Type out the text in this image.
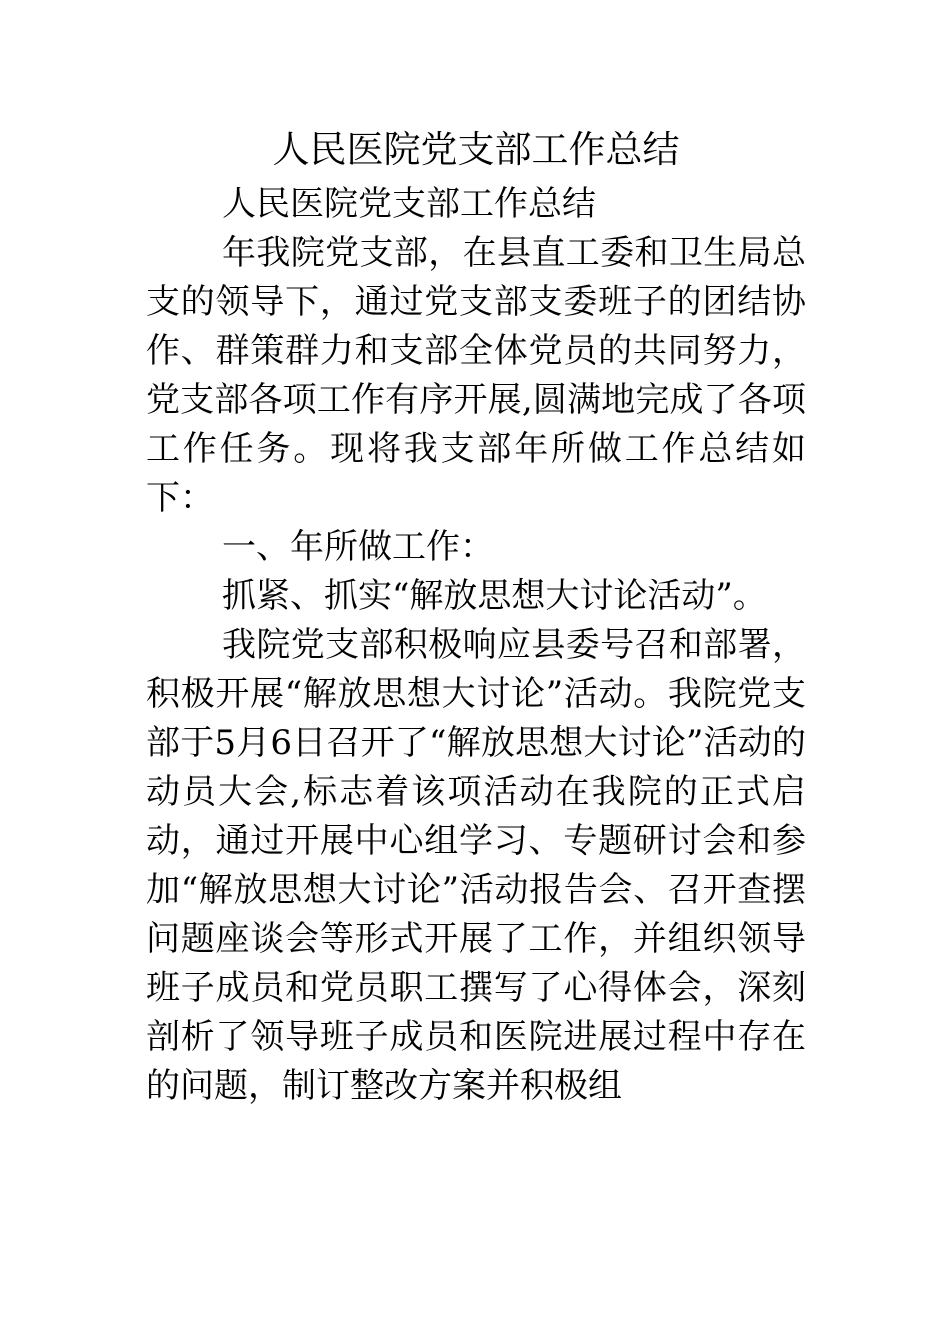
人民医院党支部工作总结

人民医院党支部工作总结

年我院党支部，在县直工委和卫生局总支的领导下，通过党支部支委班子的团结协作、群策群力和支部全体党员的共同努力，党支部各项工作有序开展,圆满地完成了各项工作任务。现将我支部年所做工作总结如下：

一、年所做工作：

抓紧、抓实“解放思想大讨论活动”。

我院党支部积极响应县委号召和部署，积极开展“解放思想大讨论”活动。我院党支部于5月6日召开了“解放思想大讨论”活动的动员大会,标志着该项活动在我院的正式启动，通过开展中心组学习、专题研讨会和参加“解放思想大讨论”活动报告会、召开查摆问题座谈会等形式开展了工作，并组织领导班子成员和党员职工撰写了心得体会，深刻剖析了领导班子成员和医院进展过程中存在的问题，制订整改方案并积极组
